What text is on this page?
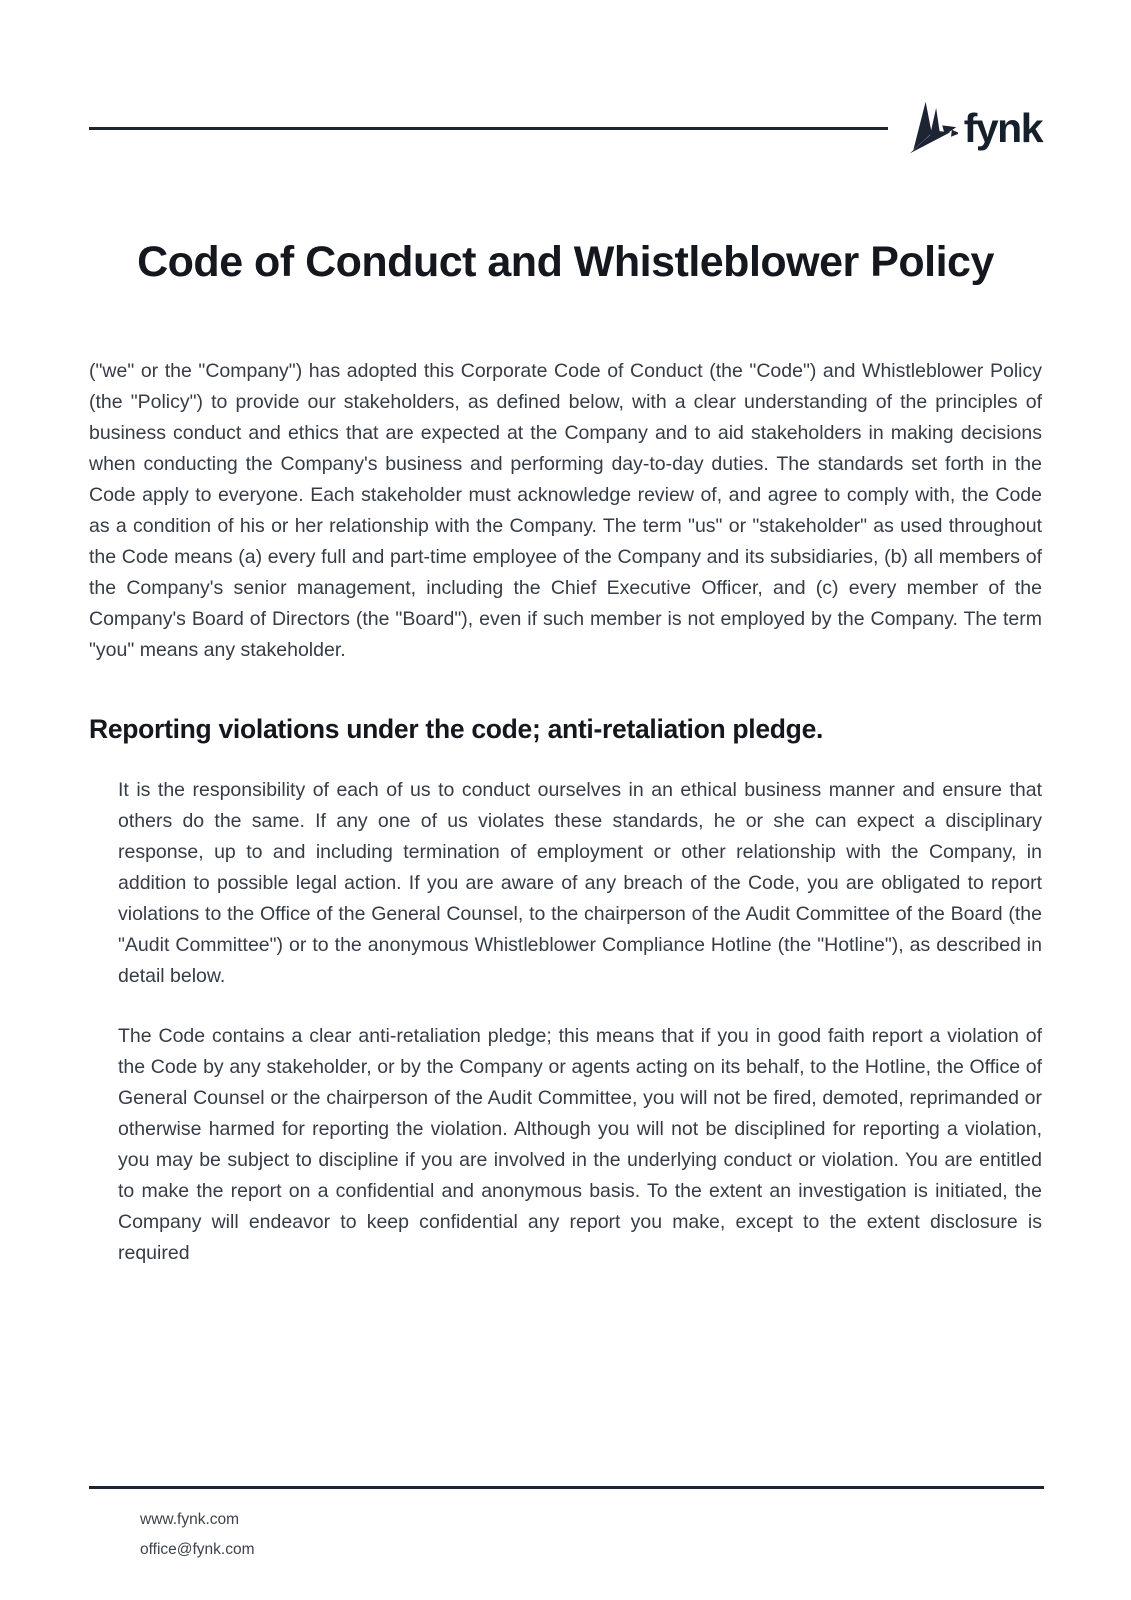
fynk
Code of Conduct and Whistleblower Policy

("we" or the "Company") has adopted this Corporate Code of Conduct (the "Code") and Whistleblower Policy (the "Policy") to provide our stakeholders, as defined below, with a clear understanding of the principles of business conduct and ethics that are expected at the Company and to aid stakeholders in making decisions when conducting the Company's business and performing day-to-day duties. The standards set forth in the Code apply to everyone. Each stakeholder must acknowledge review of, and agree to comply with, the Code as a condition of his or her relationship with the Company. The term "us" or "stakeholder" as used throughout the Code means (a) every full and part-time employee of the Company and its subsidiaries, (b) all members of the Company's senior management, including the Chief Executive Officer, and (c) every member of the Company's Board of Directors (the "Board"), even if such member is not employed by the Company. The term "you" means any stakeholder.

Reporting violations under the code; anti-retaliation pledge.

It is the responsibility of each of us to conduct ourselves in an ethical business manner and ensure that others do the same. If any one of us violates these standards, he or she can expect a disciplinary response, up to and including termination of employment or other relationship with the Company, in addition to possible legal action. If you are aware of any breach of the Code, you are obligated to report violations to the Office of the General Counsel, to the chairperson of the Audit Committee of the Board (the "Audit Committee") or to the anonymous Whistleblower Compliance Hotline (the "Hotline"), as described in detail below.

The Code contains a clear anti-retaliation pledge; this means that if you in good faith report a violation of the Code by any stakeholder, or by the Company or agents acting on its behalf, to the Hotline, the Office of General Counsel or the chairperson of the Audit Committee, you will not be fired, demoted, reprimanded or otherwise harmed for reporting the violation. Although you will not be disciplined for reporting a violation, you may be subject to discipline if you are involved in the underlying conduct or violation. You are entitled to make the report on a confidential and anonymous basis. To the extent an investigation is initiated, the Company will endeavor to keep confidential any report you make, except to the extent disclosure is required

www.fynk.com
office@fynk.com
